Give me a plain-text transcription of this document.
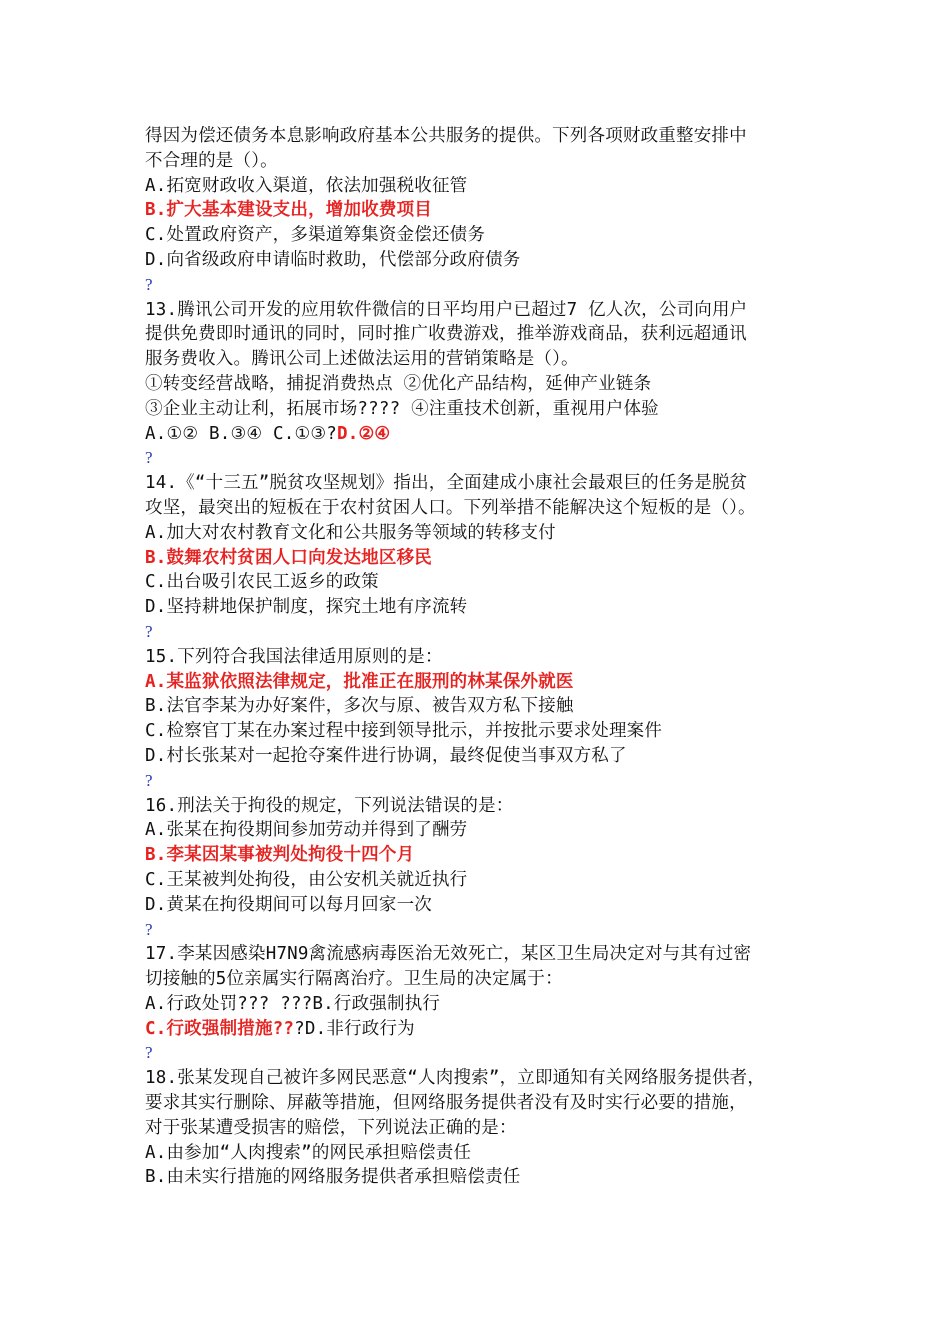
得因为偿还债务本息影响政府基本公共服务的提供。下列各项财政重整安排中
不合理的是（）。
A.拓宽财政收入渠道，依法加强税收征管
B.扩大基本建设支出，增加收费项目
C.处置政府资产，多渠道筹集资金偿还债务
D.向省级政府申请临时救助，代偿部分政府债务
?
13.腾讯公司开发的应用软件微信的日平均用户已超过7 亿人次，公司向用户
提供免费即时通讯的同时，同时推广收费游戏，推举游戏商品，获利远超通讯
服务费收入。腾讯公司上述做法运用的营销策略是（）。
①转变经营战略，捕捉消费热点 ②优化产品结构，延伸产业链条
③企业主动让利，拓展市场???? ④注重技术创新，重视用户体验
A.①② B.③④ C.①③?D.②④
?
14.《“十三五”脱贫攻坚规划》指出，全面建成小康社会最艰巨的任务是脱贫
攻坚，最突出的短板在于农村贫困人口。下列举措不能解决这个短板的是（）。
A.加大对农村教育文化和公共服务等领域的转移支付
B.鼓舞农村贫困人口向发达地区移民
C.出台吸引农民工返乡的政策
D.坚持耕地保护制度，探究土地有序流转
?
15.下列符合我国法律适用原则的是：
A.某监狱依照法律规定，批准正在服刑的林某保外就医
B.法官李某为办好案件，多次与原、被告双方私下接触
C.检察官丁某在办案过程中接到领导批示，并按批示要求处理案件
D.村长张某对一起抢夺案件进行协调，最终促使当事双方私了
?
16.刑法关于拘役的规定，下列说法错误的是：
A.张某在拘役期间参加劳动并得到了酬劳
B.李某因某事被判处拘役十四个月
C.王某被判处拘役，由公安机关就近执行
D.黄某在拘役期间可以每月回家一次
?
17.李某因感染H7N9禽流感病毒医治无效死亡，某区卫生局决定对与其有过密
切接触的5位亲属实行隔离治疗。卫生局的决定属于：
A.行政处罚??? ???B.行政强制执行
C.行政强制措施???D.非行政行为
?
18.张某发现自己被许多网民恶意“人肉搜索”，立即通知有关网络服务提供者，
要求其实行删除、屏蔽等措施，但网络服务提供者没有及时实行必要的措施，
对于张某遭受损害的赔偿，下列说法正确的是：
A.由参加“人肉搜索”的网民承担赔偿责任
B.由未实行措施的网络服务提供者承担赔偿责任
